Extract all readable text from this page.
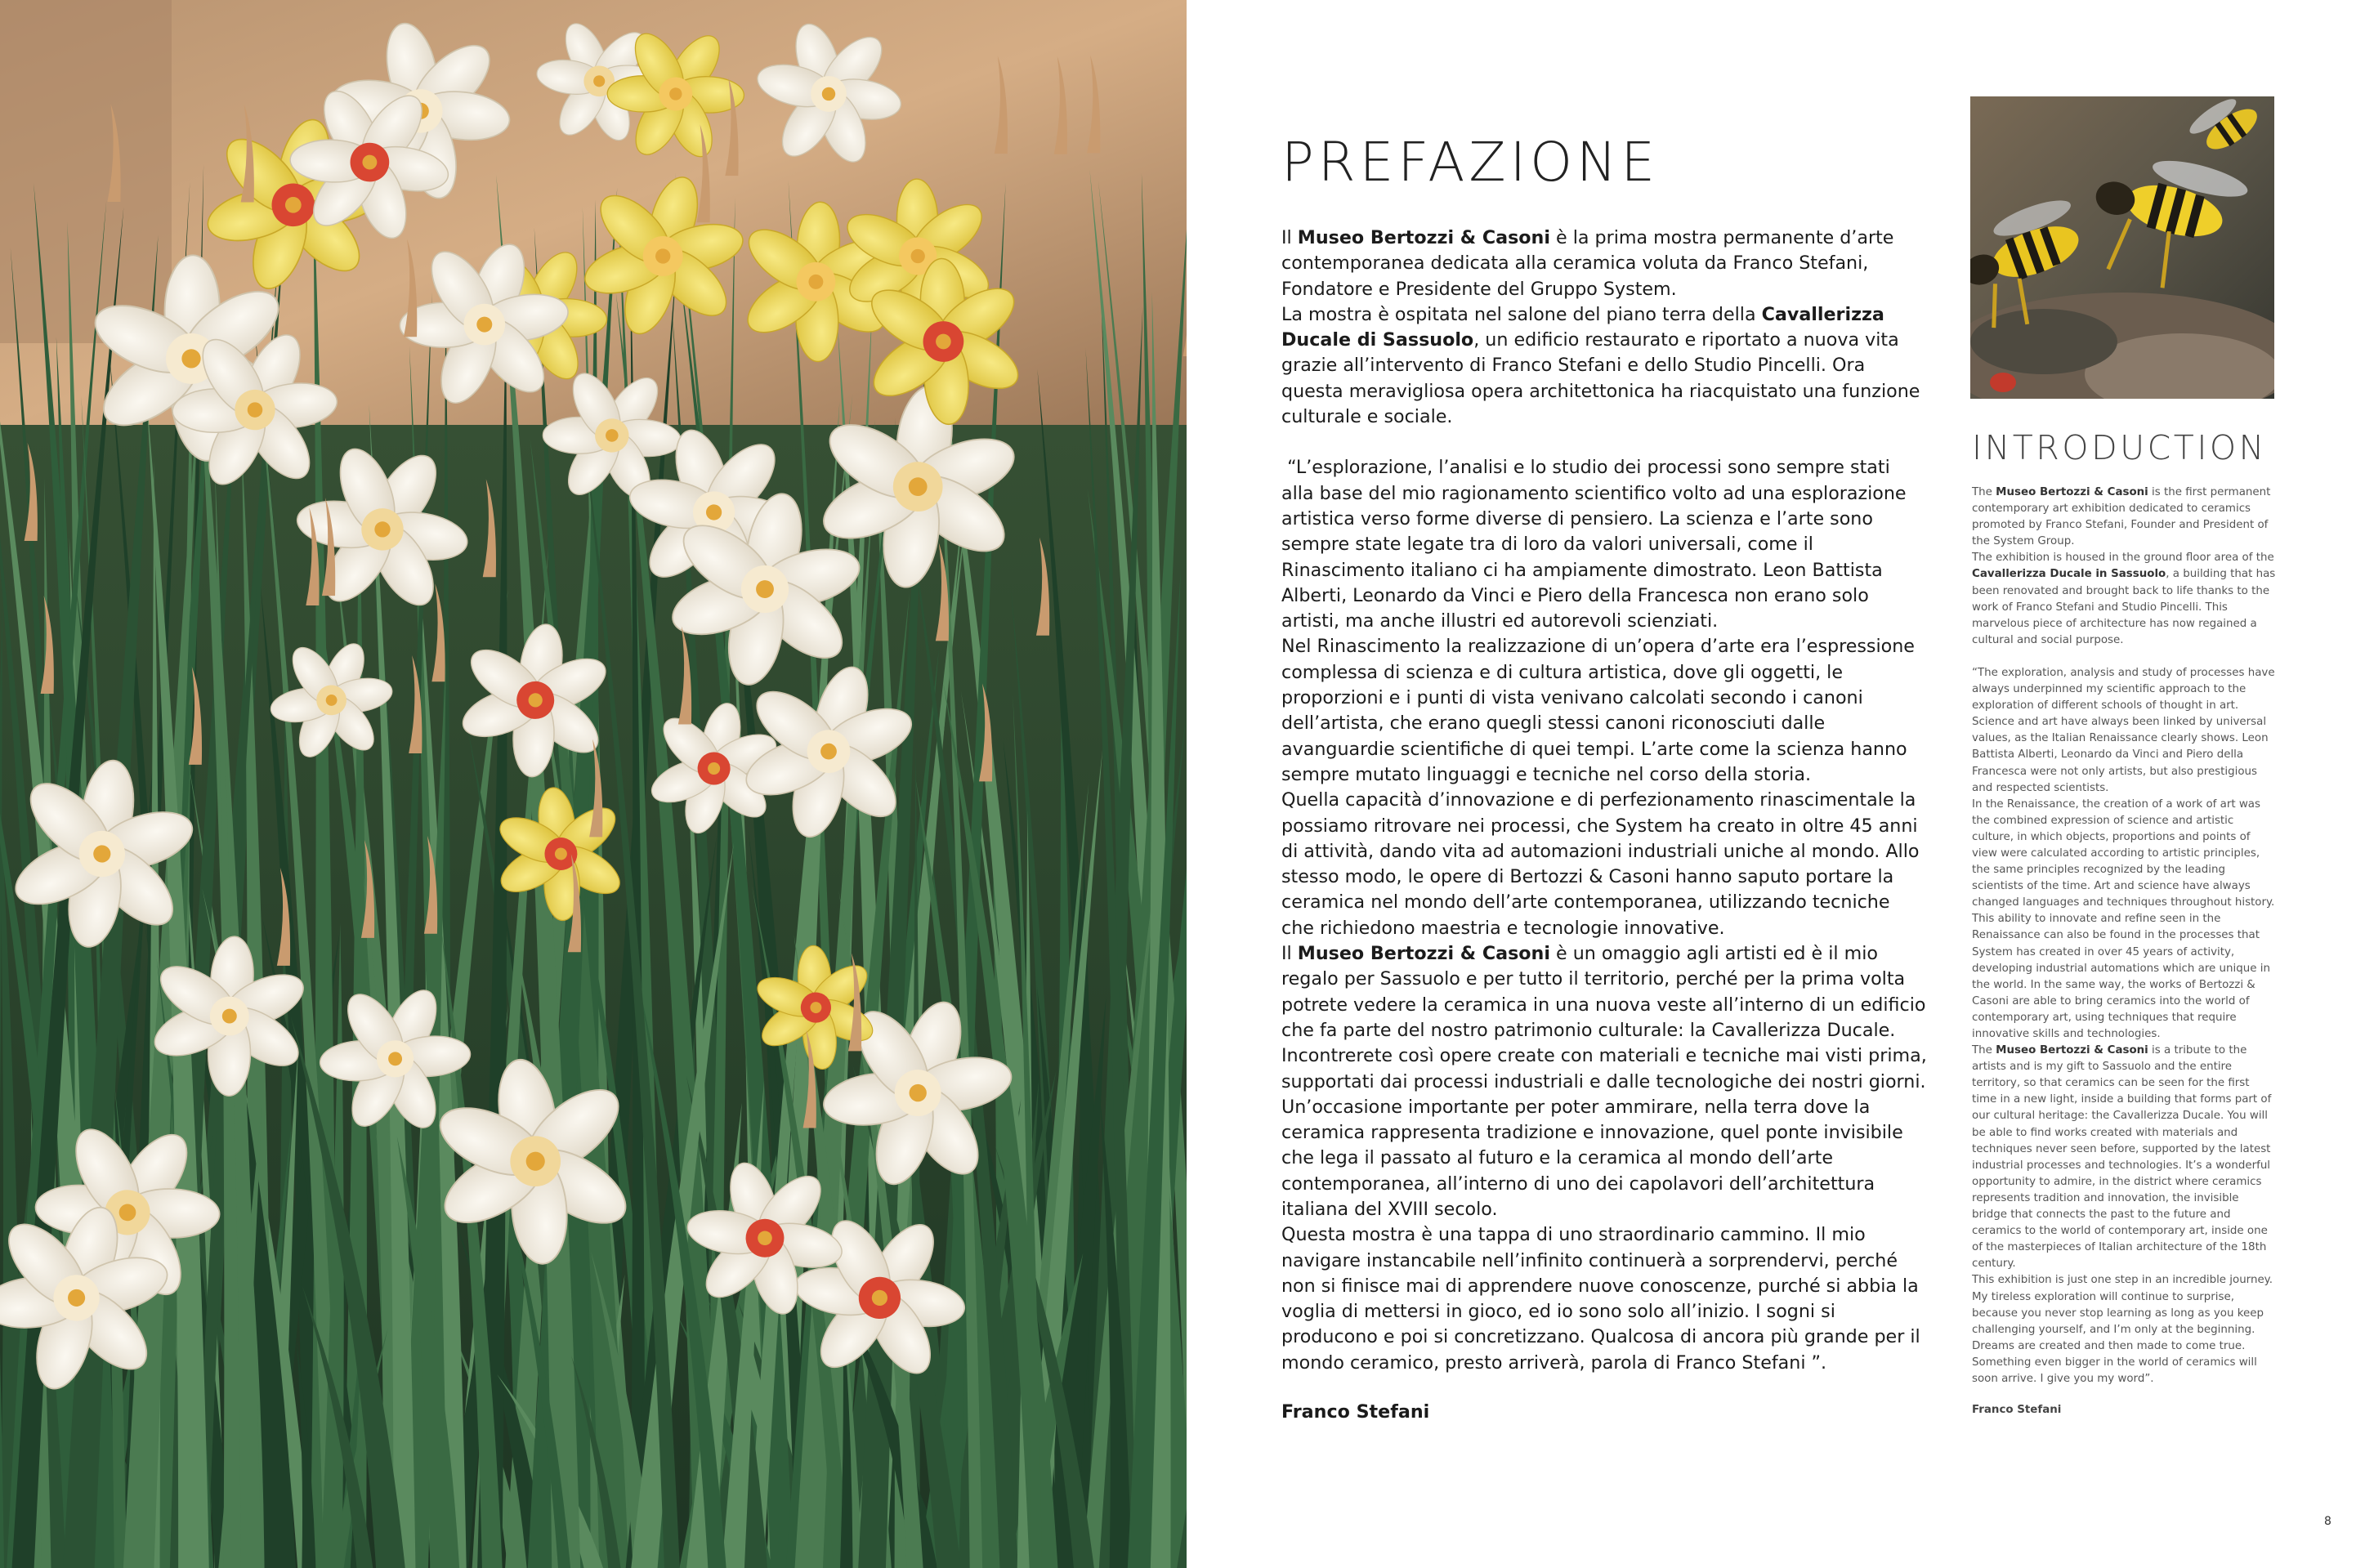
PREFAZIONE

Il Museo Bertozzi & Casoni è la prima mostra permanente d’arte contemporanea dedicata alla ceramica voluta da Franco Stefani, Fondatore e Presidente del Gruppo System.

La mostra è ospitata nel salone del piano terra della Cavallerizza Ducale di Sassuolo, un edificio restaurato e riportato a nuova vita grazie all’intervento di Franco Stefani e dello Studio Pincelli. Ora questa meravigliosa opera architettonica ha riacquistato una funzione culturale e sociale.

“L’esplorazione, l’analisi e lo studio dei processi sono sempre stati alla base del mio ragionamento scientifico volto ad una esplorazione artistica verso forme diverse di pensiero. La scienza e l’arte sono sempre state legate tra di loro da valori universali, come il Rinascimento italiano ci ha ampiamente dimostrato. Leon Battista Alberti, Leonardo da Vinci e Piero della Francesca non erano solo artisti, ma anche illustri ed autorevoli scienziati.

Nel Rinascimento la realizzazione di un’opera d’arte era l’espressione complessa di scienza e di cultura artistica, dove gli oggetti, le proporzioni e i punti di vista venivano calcolati secondo i canoni dell’artista, che erano quegli stessi canoni riconosciuti dalle avanguardie scientifiche di quei tempi. L’arte come la scienza hanno sempre mutato linguaggi e tecniche nel corso della storia.

Quella capacità d’innovazione e di perfezionamento rinascimentale la possiamo ritrovare nei processi, che System ha creato in oltre 45 anni di attività, dando vita ad automazioni industriali uniche al mondo. Allo stesso modo, le opere di Bertozzi & Casoni hanno saputo portare la ceramica nel mondo dell’arte contemporanea, utilizzando tecniche che richiedono maestria e tecnologie innovative.

Il Museo Bertozzi & Casoni è un omaggio agli artisti ed è il mio regalo per Sassuolo e per tutto il territorio, perché per la prima volta potrete vedere la ceramica in una nuova veste all’interno di un edificio che fa parte del nostro patrimonio culturale: la Cavallerizza Ducale. Incontrerete così opere create con materiali e tecniche mai visti prima, supportati dai processi industriali e dalle tecnologiche dei nostri giorni. Un’occasione importante per poter ammirare, nella terra dove la ceramica rappresenta tradizione e innovazione, quel ponte invisibile che lega il passato al futuro e la ceramica al mondo dell’arte contemporanea, all’interno di uno dei capolavori dell’architettura italiana del XVIII secolo.

Questa mostra è una tappa di uno straordinario cammino. Il mio navigare instancabile nell’infinito continuerà a sorprendervi, perché non si finisce mai di apprendere nuove conoscenze, purché si abbia la voglia di mettersi in gioco, ed io sono solo all’inizio. I sogni si producono e poi si concretizzano. Qualcosa di ancora più grande per il mondo ceramico, presto arriverà, parola di Franco Stefani ”.

Franco Stefani
INTRODUCTION

The Museo Bertozzi & Casoni is the first permanent contemporary art exhibition dedicated to ceramics promoted by Franco Stefani, Founder and President of the System Group.

The exhibition is housed in the ground floor area of the Cavallerizza Ducale in Sassuolo, a building that has been renovated and brought back to life thanks to the work of Franco Stefani and Studio Pincelli. This marvelous piece of architecture has now regained a cultural and social purpose.

“The exploration, analysis and study of processes have always underpinned my scientific approach to the exploration of different schools of thought in art. Science and art have always been linked by universal values, as the Italian Renaissance clearly shows. Leon Battista Alberti, Leonardo da Vinci and Piero della Francesca were not only artists, but also prestigious and respected scientists.

In the Renaissance, the creation of a work of art was the combined expression of science and artistic culture, in which objects, proportions and points of view were calculated according to artistic principles, the same principles recognized by the leading scientists of the time. Art and science have always changed languages and techniques throughout history.

This ability to innovate and refine seen in the Renaissance can also be found in the processes that System has created in over 45 years of activity, developing industrial automations which are unique in the world. In the same way, the works of Bertozzi & Casoni are able to bring ceramics into the world of contemporary art, using techniques that require innovative skills and technologies.

The Museo Bertozzi & Casoni is a tribute to the artists and is my gift to Sassuolo and the entire territory, so that ceramics can be seen for the first time in a new light, inside a building that forms part of our cultural heritage: the Cavallerizza Ducale. You will be able to find works created with materials and techniques never seen before, supported by the latest industrial processes and technologies. It’s a wonderful opportunity to admire, in the district where ceramics represents tradition and innovation, the invisible bridge that connects the past to the future and ceramics to the world of contemporary art, inside one of the masterpieces of Italian architecture of the 18th century.

This exhibition is just one step in an incredible journey. My tireless exploration will continue to surprise, because you never stop learning as long as you keep challenging yourself, and I’m only at the beginning. Dreams are created and then made to come true. Something even bigger in the world of ceramics will soon arrive. I give you my word”.

Franco Stefani
8
